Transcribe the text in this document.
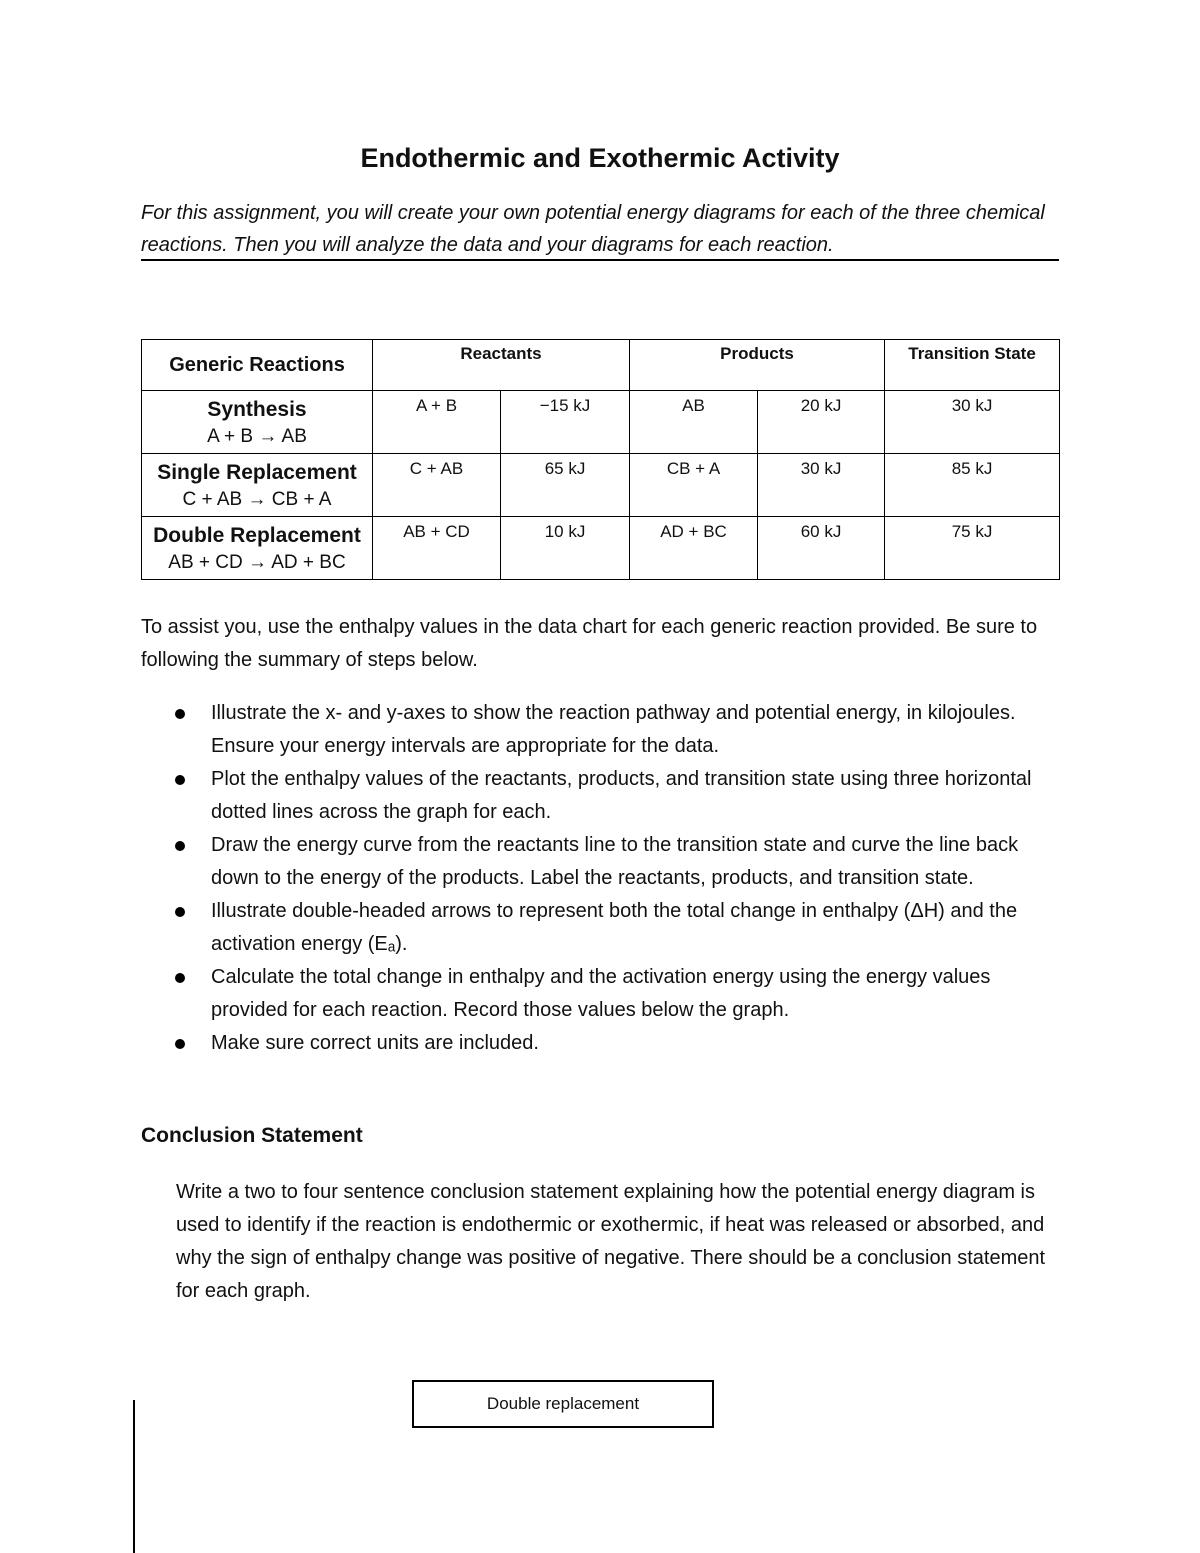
Endothermic and Exothermic Activity
For this assignment, you will create your own potential energy diagrams for each of the three chemical reactions. Then you will analyze the data and your diagrams for each reaction.
Generic Reactions	Reactants		Products		Transition State

Synthesis
A + B → AB	A + B	−15 kJ	AB	20 kJ	30 kJ

Single Replacement
C + AB → CB + A	C + AB	65 kJ	CB + A	30 kJ	85 kJ

Double Replacement
AB + CD → AD + BC	AB + CD	10 kJ	AD + BC	60 kJ	75 kJ
To assist you, use the enthalpy values in the data chart for each generic reaction provided. Be sure to following the summary of steps below.
Illustrate the x- and y-axes to show the reaction pathway and potential energy, in kilojoules. Ensure your energy intervals are appropriate for the data.
Plot the enthalpy values of the reactants, products, and transition state using three horizontal dotted lines across the graph for each.
Draw the energy curve from the reactants line to the transition state and curve the line back down to the energy of the products. Label the reactants, products, and transition state.
Illustrate double-headed arrows to represent both the total change in enthalpy (ΔH) and the activation energy (Eₐ).
Calculate the total change in enthalpy and the activation energy using the energy values provided for each reaction. Record those values below the graph.
Make sure correct units are included.
Conclusion Statement
Write a two to four sentence conclusion statement explaining how the potential energy diagram is used to identify if the reaction is endothermic or exothermic, if heat was released or absorbed, and why the sign of enthalpy change was positive of negative. There should be a conclusion statement for each graph.
Double replacement
